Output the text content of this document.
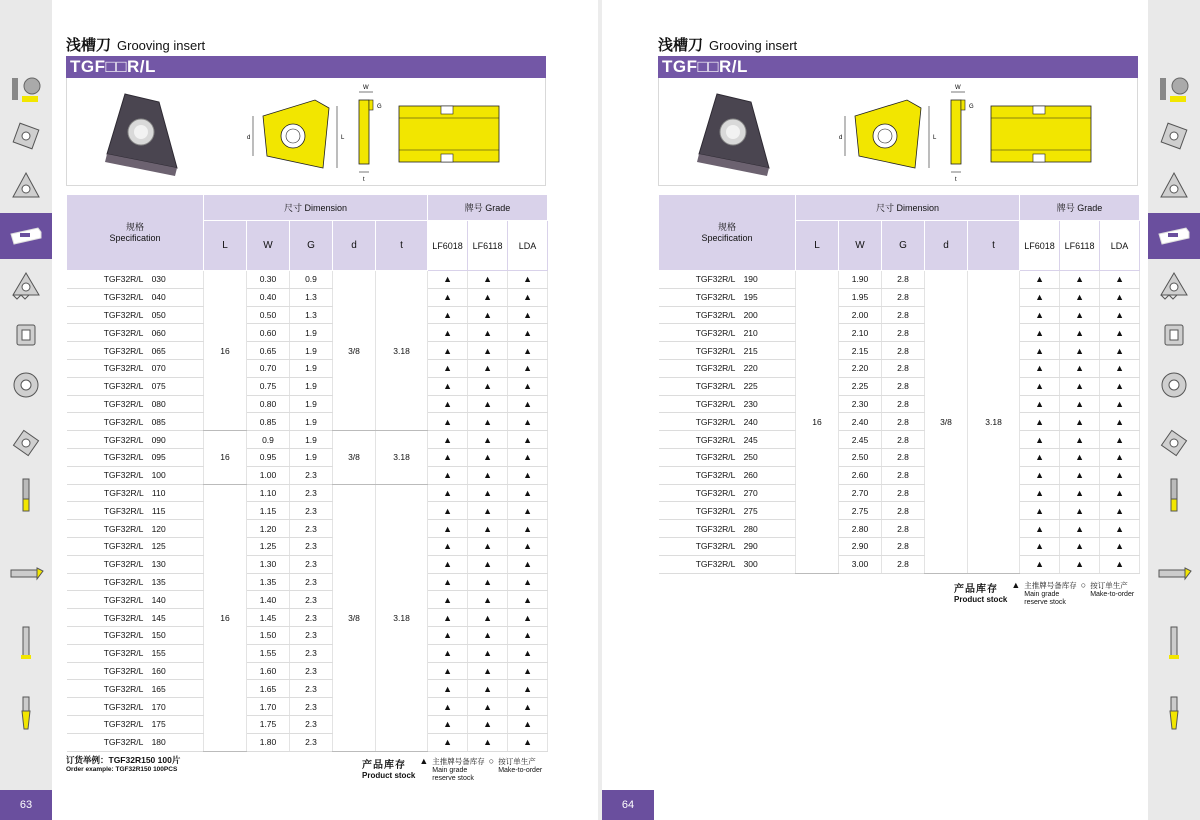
63
浅槽刀 Grooving insert
TGF□□R/L
d	L
W
G
t
规格
Specification	尺寸 Dimension					牌号 Grade		
	L	W	G	d	t	LF6018	LF6118	LDA
TGF32R/L　030	16	0.30	0.9	3/8	3.18	▲	▲	▲
TGF32R/L　040		0.40	1.3			▲	▲	▲
TGF32R/L　050		0.50	1.3			▲	▲	▲
TGF32R/L　060		0.60	1.9			▲	▲	▲
TGF32R/L　065		0.65	1.9			▲	▲	▲
TGF32R/L　070		0.70	1.9			▲	▲	▲
TGF32R/L　075		0.75	1.9			▲	▲	▲
TGF32R/L　080		0.80	1.9			▲	▲	▲
TGF32R/L　085		0.85	1.9			▲	▲	▲
TGF32R/L　090	16	0.9	1.9	3/8	3.18	▲	▲	▲
TGF32R/L　095		0.95	1.9			▲	▲	▲
TGF32R/L　100		1.00	2.3			▲	▲	▲
TGF32R/L　110	16	1.10	2.3	3/8	3.18	▲	▲	▲
TGF32R/L　115		1.15	2.3			▲	▲	▲
TGF32R/L　120		1.20	2.3			▲	▲	▲
TGF32R/L　125		1.25	2.3			▲	▲	▲
TGF32R/L　130		1.30	2.3			▲	▲	▲
TGF32R/L　135		1.35	2.3			▲	▲	▲
TGF32R/L　140		1.40	2.3			▲	▲	▲
TGF32R/L　145		1.45	2.3			▲	▲	▲
TGF32R/L　150		1.50	2.3			▲	▲	▲
TGF32R/L　155		1.55	2.3			▲	▲	▲
TGF32R/L　160		1.60	2.3			▲	▲	▲
TGF32R/L　165		1.65	2.3			▲	▲	▲
TGF32R/L　170		1.70	2.3			▲	▲	▲
TGF32R/L　175		1.75	2.3			▲	▲	▲
TGF32R/L　180		1.80	2.3			▲	▲	▲
订货举例：TGF32R150 100片
Order example: TGF32R150 100PCS	产品库存
Product stock
▲ 主推牌号备库存
Main grade
reserve stock
○ 按订单生产
Make-to-order
64
浅槽刀 Grooving insert
TGF□□R/L
d	L
W
G
t
规格
Specification	尺寸 Dimension					牌号 Grade		
	L	W	G	d	t	LF6018	LF6118	LDA
TGF32R/L　190	16	1.90	2.8	3/8	3.18	▲	▲	▲
TGF32R/L　195		1.95	2.8			▲	▲	▲
TGF32R/L　200		2.00	2.8			▲	▲	▲
TGF32R/L　210		2.10	2.8			▲	▲	▲
TGF32R/L　215		2.15	2.8			▲	▲	▲
TGF32R/L　220		2.20	2.8			▲	▲	▲
TGF32R/L　225		2.25	2.8			▲	▲	▲
TGF32R/L　230		2.30	2.8			▲	▲	▲
TGF32R/L　240		2.40	2.8			▲	▲	▲
TGF32R/L　245		2.45	2.8			▲	▲	▲
TGF32R/L　250		2.50	2.8			▲	▲	▲
TGF32R/L　260		2.60	2.8			▲	▲	▲
TGF32R/L　270		2.70	2.8			▲	▲	▲
TGF32R/L　275		2.75	2.8			▲	▲	▲
TGF32R/L　280		2.80	2.8			▲	▲	▲
TGF32R/L　290		2.90	2.8			▲	▲	▲
TGF32R/L　300		3.00	2.8			▲	▲	▲
产品库存
Product stock
▲ 主推牌号备库存
Main grade
reserve stock
○ 按订单生产
Make-to-order
